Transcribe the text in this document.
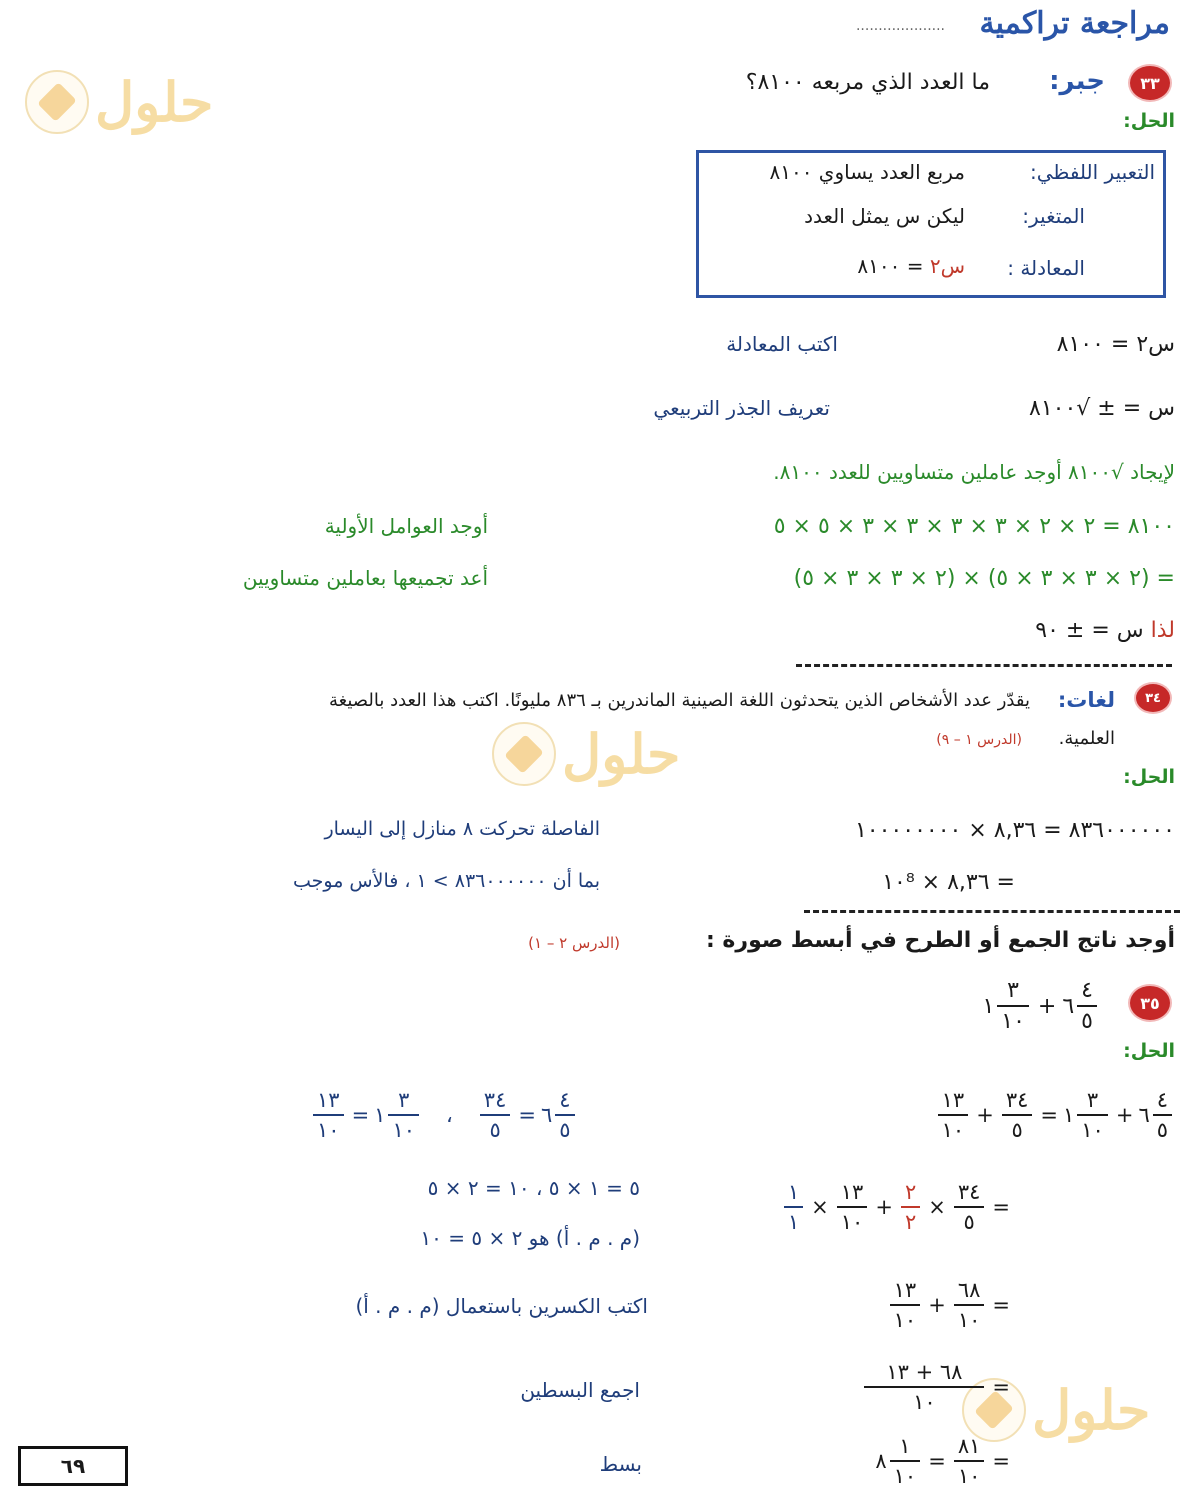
مراجعة تراكمية
....................
حلول
حلول
حلول
٣٣
جبر:
ما العدد الذي مربعه ٨١٠٠؟
الحل:
التعبير اللفظي:
مربع العدد يساوي ٨١٠٠
المتغير:
ليكن س يمثل العدد
المعادلة :
س٢ = ٨١٠٠
س٢ = ٨١٠٠
اكتب المعادلة
س = ± √٨١٠٠
تعريف الجذر التربيعي
لإيجاد √٨١٠٠ أوجد عاملين متساويين للعدد ٨١٠٠.
٨١٠٠ = ٢ × ٢ × ٣ × ٣ × ٣ × ٣ × ٥ × ٥
أوجد العوامل الأولية
= (٢ × ٣ × ٣ × ٥) × (٢ × ٣ × ٣ × ٥)
أعد تجميعها بعاملين متساويين
لذا س = ± ٩٠
٣٤
لغات:
يقدّر عدد الأشخاص الذين يتحدثون اللغة الصينية الماندرين بـ ٨٣٦ مليونًا. اكتب هذا العدد بالصيغة
العلمية.
(الدرس ١ – ٩)
الحل:
٨٣٦٠٠٠٠٠٠ = ٨,٣٦ × ١٠٠٠٠٠٠٠٠
الفاصلة تحركت ٨ منازل إلى اليسار
= ٨,٣٦ × ١٠⁸
بما أن ٨٣٦٠٠٠٠٠٠ > ١ ، فالأس موجب
أوجد ناتج الجمع أو الطرح في أبسط صورة :
(الدرس ٢ – ١)
٣٥
١ $\frac{٣}{١٠}$ + ٦ $\frac{٤}{٥}$
الحل:
$\frac{١٣}{١٠} + \frac{٣٤}{٥}$ = ١ $\frac{٣}{١٠}$ + ٦ $\frac{٤}{٥}$
$\frac{١٣}{١٠}$ = ١ $\frac{٣}{١٠}$ ، $\frac{٣٤}{٥}$ = ٦ $\frac{٤}{٥}$
$\frac{١}{١} \times \frac{١٣}{١٠} + \frac{٢}{٢} \times \frac{٣٤}{٥}$ =
٥ = ١ × ٥ ، ١٠ = ٢ × ٥
(م . م . أ) هو ٢ × ٥ = ١٠
$\frac{١٣}{١٠} + \frac{٦٨}{١٠}$ =
اكتب الكسرين باستعمال (م . م . أ)
$\frac{٦٨ + ١٣}{١٠}$ =
اجمع البسطين
٨ $\frac{١}{١٠} = \frac{٨١}{١٠}$ =
بسط
٦٩
